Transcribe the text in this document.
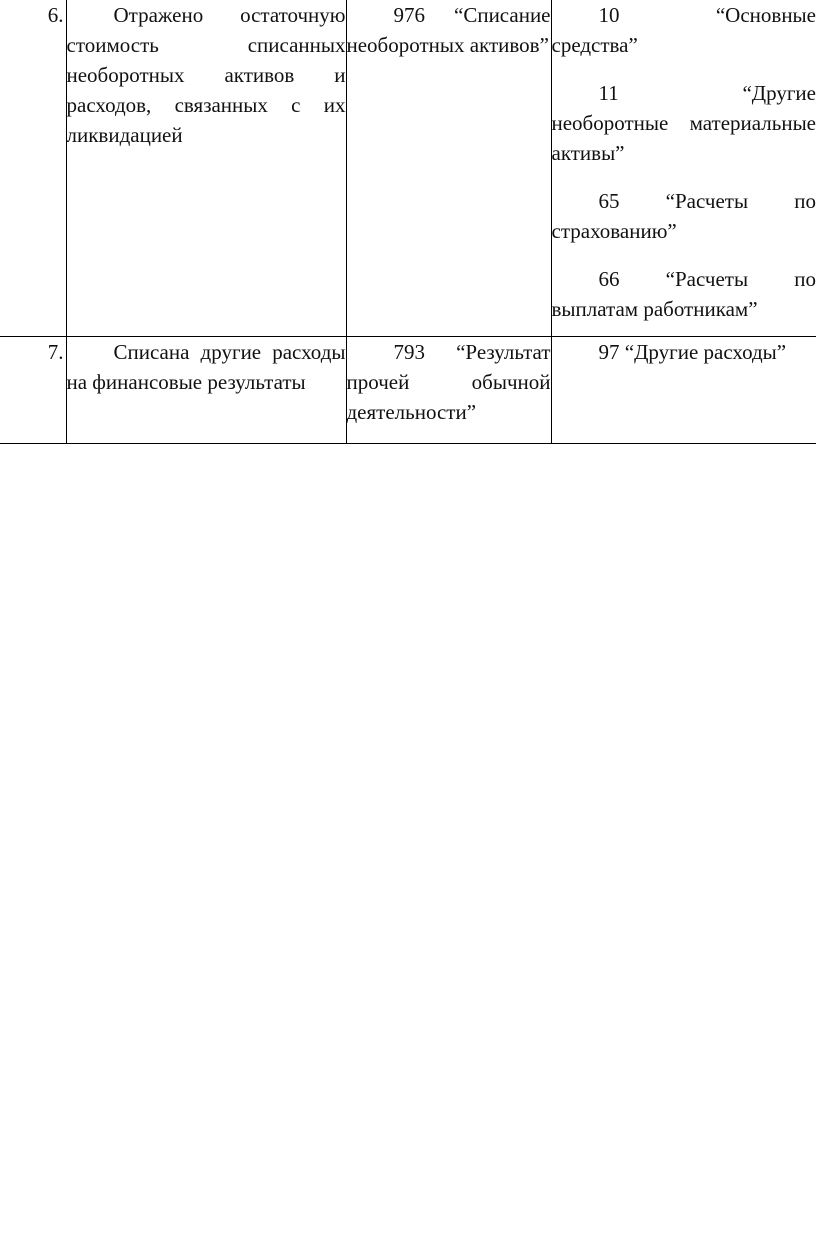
6.	Отражено остаточную стоимость списанных необоротных активов и расходов, связанных с их ликвидацией	976 “Списание необоротных активов”	10 “Основные средства”

11 “Другие необоротные материальные активы”

65 “Расчеты по страхованию”

66 “Расчеты по выплатам работникам”

7.	Списана другие расходы на финансовые результаты	793 “Результат прочей обычной деятельности”	97 “Другие расходы”
